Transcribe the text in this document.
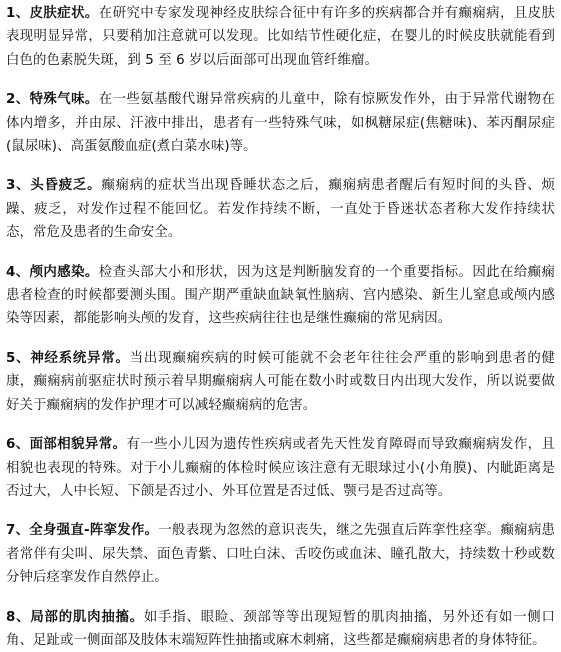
1、皮肤症状。在研究中专家发现神经皮肤综合征中有许多的疾病都合并有癫痫病，且皮肤表现明显异常，只要稍加注意就可以发现。比如结节性硬化症，在婴儿的时候皮肤就能看到白色的色素脱失斑，到 5 至 6 岁以后面部可出现血管纤维瘤。

2、特殊气味。在一些氨基酸代谢异常疾病的儿童中，除有惊厥发作外，由于异常代谢物在体内增多，并由尿、汗液中排出，患者有一些特殊气味，如枫糖尿症(焦糖味)、苯丙酮尿症(鼠尿味)、高蛋氨酸血症(煮白菜水味)等。

3、头昏疲乏。癫痫病的症状当出现昏睡状态之后，癫痫病患者醒后有短时间的头昏、烦躁、疲乏，对发作过程不能回忆。若发作持续不断，一直处于昏迷状态者称大发作持续状态，常危及患者的生命安全。

4、颅内感染。检查头部大小和形状，因为这是判断脑发育的一个重要指标。因此在给癫痫患者检查的时候都要测头围。围产期严重缺血缺氧性脑病、宫内感染、新生儿窒息或颅内感染等因素，都能影响头颅的发育，这些疾病往往也是继性癫痫的常见病因。

5、神经系统异常。当出现癫痫疾病的时候可能就不会老年往往会严重的影响到患者的健康，癫痫病前驱症状时预示着早期癫痫病人可能在数小时或数日内出现大发作，所以说要做好关于癫痫病的发作护理才可以减轻癫痫病的危害。

6、面部相貌异常。有一些小儿因为遗传性疾病或者先天性发育障碍而导致癫痫病发作，且相貌也表现的特殊。对于小儿癫痫的体检时候应该注意有无眼球过小(小角膜)、内眦距离是否过大，人中长短、下颌是否过小、外耳位置是否过低、颚弓是否过高等。

7、全身强直-阵挛发作。一般表现为忽然的意识丧失，继之先强直后阵挛性痉挛。癫痫病患者常伴有尖叫、尿失禁、面色青紫、口吐白沫、舌咬伤或血沫、瞳孔散大，持续数十秒或数分钟后痉挛发作自然停止。

8、局部的肌肉抽搐。如手指、眼睑、颈部等等出现短暂的肌肉抽搐，另外还有如一侧口角、足趾或一侧面部及肢体末端短阵性抽搐或麻木刺痛，这些都是癫痫病患者的身体特征。
